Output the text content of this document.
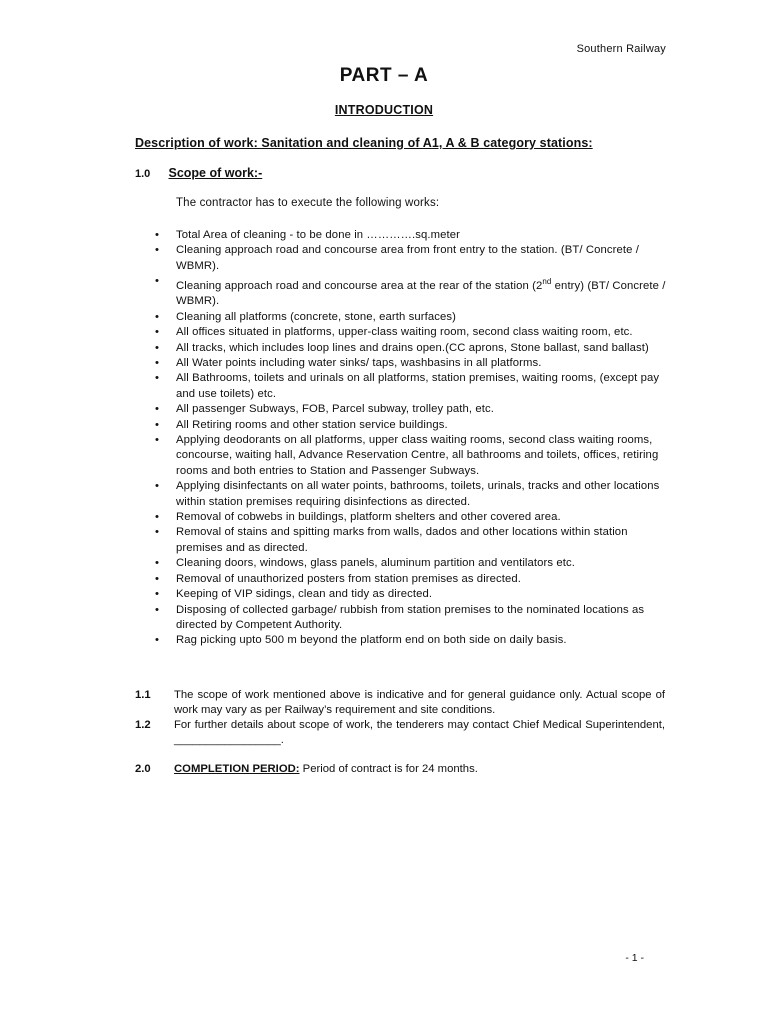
Southern Railway
PART – A
INTRODUCTION
Description of work: Sanitation and cleaning of A1, A & B category stations:
1.0 Scope of work:-
The contractor has to execute the following works:
• Total Area of cleaning - to be done in ………….sq.meter
• Cleaning approach road and concourse area from front entry to the station. (BT/ Concrete / WBMR).
• Cleaning approach road and concourse area at the rear of the station (2nd entry) (BT/ Concrete / WBMR).
• Cleaning all platforms (concrete, stone, earth surfaces)
• All offices situated in platforms, upper-class waiting room, second class waiting room, etc.
• All tracks, which includes loop lines and drains open.(CC aprons, Stone ballast, sand ballast)
• All Water points including water sinks/ taps, washbasins in all platforms.
• All Bathrooms, toilets and urinals on all platforms, station premises, waiting rooms, (except pay and use toilets) etc.
• All passenger Subways, FOB, Parcel subway, trolley path, etc.
• All Retiring rooms and other station service buildings.
• Applying deodorants on all platforms, upper class waiting rooms, second class waiting rooms, concourse, waiting hall, Advance Reservation Centre, all bathrooms and toilets, offices, retiring rooms and both entries to Station and Passenger Subways.
• Applying disinfectants on all water points, bathrooms, toilets, urinals, tracks and other locations within station premises requiring disinfections as directed.
• Removal of cobwebs in buildings, platform shelters and other covered area.
• Removal of stains and spitting marks from walls, dados and other locations within station premises and as directed.
• Cleaning doors, windows, glass panels, aluminum partition and ventilators etc.
• Removal of unauthorized posters from station premises as directed.
• Keeping of VIP sidings, clean and tidy as directed.
• Disposing of collected garbage/ rubbish from station premises to the nominated locations as directed by Competent Authority.
• Rag picking upto 500 m beyond the platform end on both side on daily basis.
1.1 The scope of work mentioned above is indicative and for general guidance only. Actual scope of work may vary as per Railway’s requirement and site conditions.
1.2 For further details about scope of work, the tenderers may contact Chief Medical Superintendent, _________________.
2.0 COMPLETION PERIOD: Period of contract is for 24 months.
- 1 -
